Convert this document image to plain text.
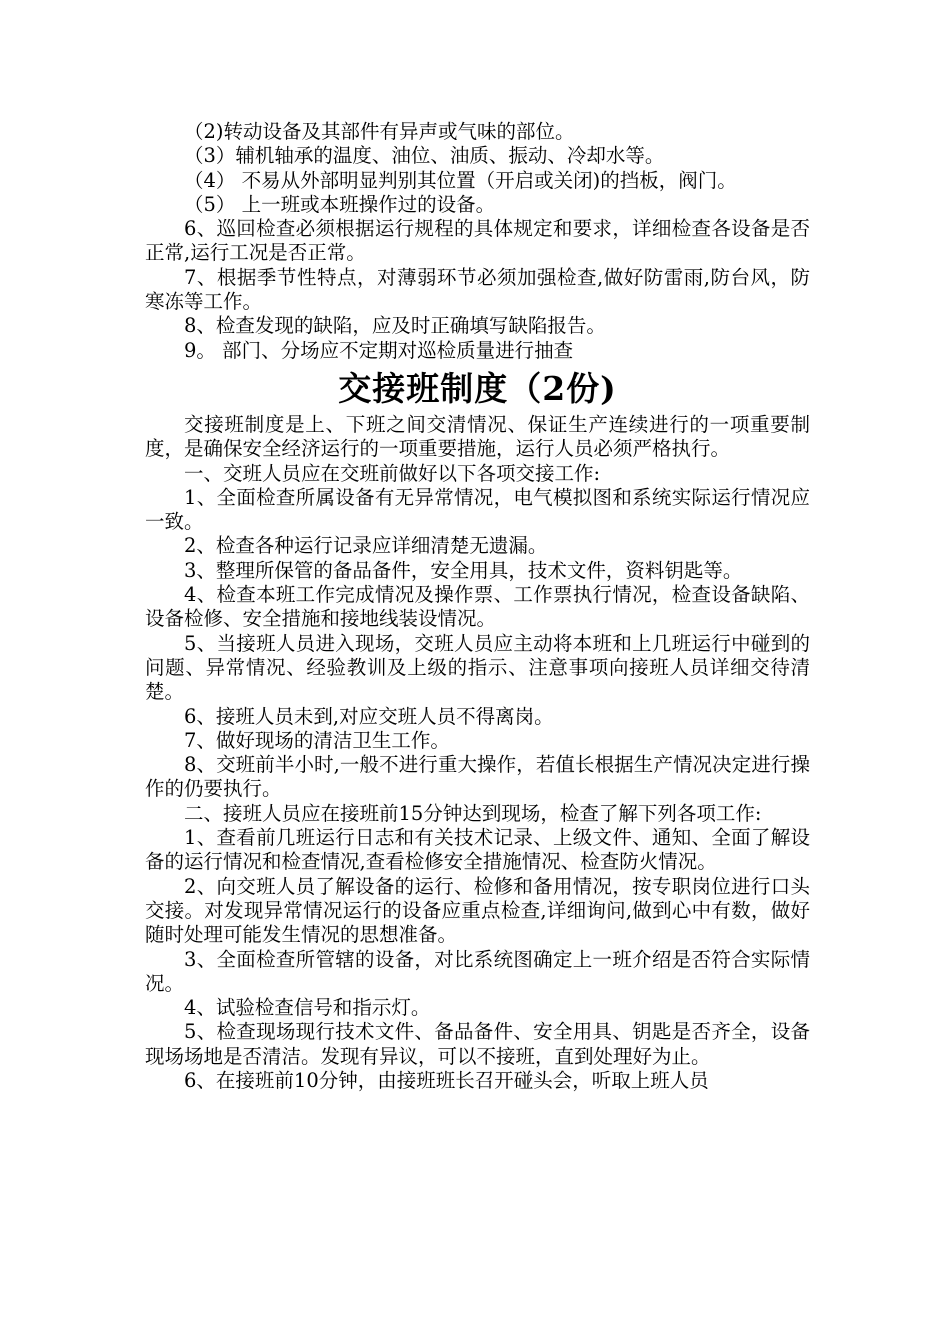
（2)转动设备及其部件有异声或气味的部位。

（3）辅机轴承的温度、油位、油质、振动、冷却水等。

（4） 不易从外部明显判别其位置（开启或关闭)的挡板，阀门。

（5） 上一班或本班操作过的设备。

6、巡回检查必须根据运行规程的具体规定和要求，详细检查各设备是否正常,运行工况是否正常。

7、根据季节性特点，对薄弱环节必须加强检查,做好防雷雨,防台风，防寒冻等工作。

8、检查发现的缺陷，应及时正确填写缺陷报告。

9。 部门、分场应不定期对巡检质量进行抽查

交接班制度（2份)

交接班制度是上、下班之间交清情况、保证生产连续进行的一项重要制度，是确保安全经济运行的一项重要措施，运行人员必须严格执行。

一、交班人员应在交班前做好以下各项交接工作:

1、全面检查所属设备有无异常情况，电气模拟图和系统实际运行情况应一致。

2、检查各种运行记录应详细清楚无遗漏。

3、整理所保管的备品备件，安全用具，技术文件，资料钥匙等。

4、检查本班工作完成情况及操作票、工作票执行情况，检查设备缺陷、设备检修、安全措施和接地线装设情况。

5、当接班人员进入现场，交班人员应主动将本班和上几班运行中碰到的问题、异常情况、经验教训及上级的指示、注意事项向接班人员详细交待清楚。

6、接班人员未到,对应交班人员不得离岗。

7、做好现场的清洁卫生工作。

8、交班前半小时,一般不进行重大操作，若值长根据生产情况决定进行操作的仍要执行。

二、接班人员应在接班前15分钟达到现场，检查了解下列各项工作:

1、查看前几班运行日志和有关技术记录、上级文件、通知、全面了解设备的运行情况和检查情况,查看检修安全措施情况、检查防火情况。

2、向交班人员了解设备的运行、检修和备用情况，按专职岗位进行口头交接。对发现异常情况运行的设备应重点检查,详细询问,做到心中有数，做好随时处理可能发生情况的思想准备。

3、全面检查所管辖的设备，对比系统图确定上一班介绍是否符合实际情况。

4、试验检查信号和指示灯。

5、检查现场现行技术文件、备品备件、安全用具、钥匙是否齐全，设备现场场地是否清洁。发现有异议，可以不接班，直到处理好为止。

6、在接班前10分钟，由接班班长召开碰头会，听取上班人员
